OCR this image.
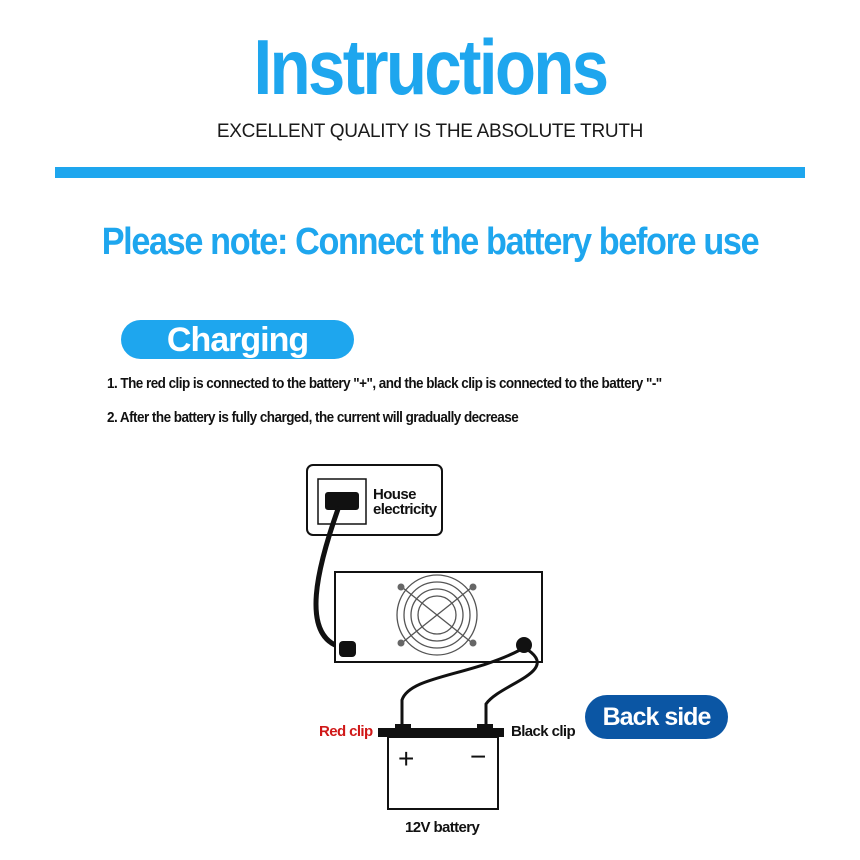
Instructions
EXCELLENT QUALITY IS THE ABSOLUTE TRUTH
Please note: Connect the battery before use
Charging
1. The red clip is connected to the battery "+", and the black clip is connected to the battery "-"
2. After the battery is fully charged, the current will gradually decrease
House
electricity
+ −
Red clip	Black clip
12V battery
Back side
